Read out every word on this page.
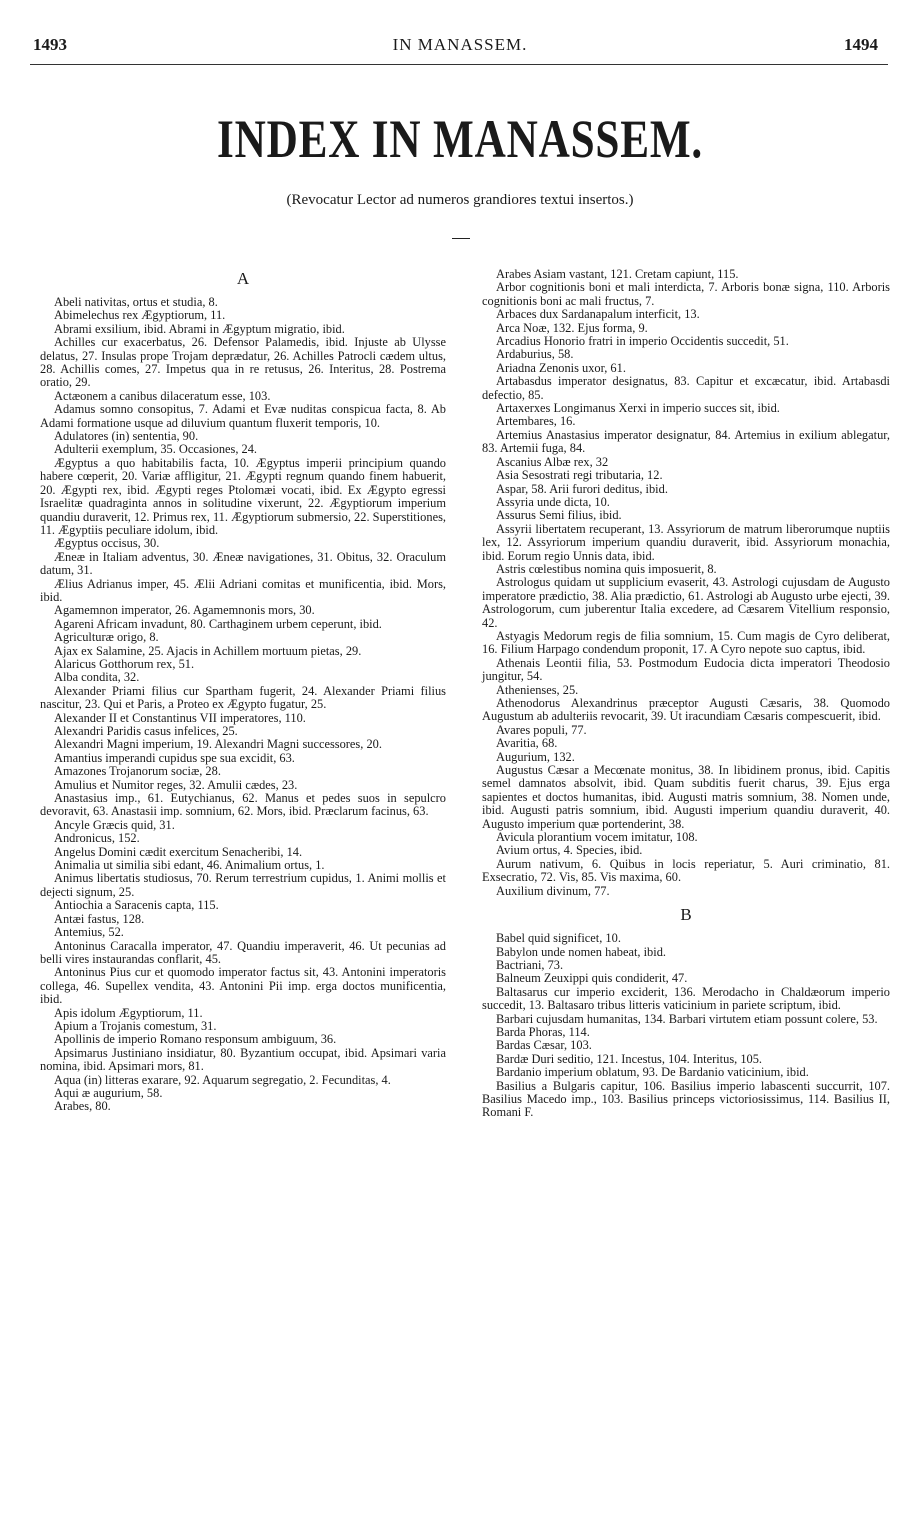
1493	IN MANASSEM.	1494
INDEX IN MANASSEM.
(Revocatur Lector ad numeros grandiores textui insertos.)
A

Abeli nativitas, ortus et studia, 8.

Abimelechus rex Ægyptiorum, 11.

Abrami exsilium, ibid. Abrami in Ægyptum migratio, ibid.

Achilles cur exacerbatus, 26. Defensor Palamedis, ibid. Injuste ab Ulysse delatus, 27. Insulas prope Trojam deprædatur, 26. Achilles Patrocli cædem ultus, 28. Achillis comes, 27. Impetus qua in re retusus, 26. Interitus, 28. Postrema oratio, 29.

Actæonem a canibus dilaceratum esse, 103.

Adamus somno consopitus, 7. Adami et Evæ nuditas conspicua facta, 8. Ab Adami formatione usque ad diluvium quantum fluxerit temporis, 10.

Adulatores (in) sententia, 90.

Adulterii exemplum, 35. Occasiones, 24.

Ægyptus a quo habitabilis facta, 10. Ægyptus imperii principium quando habere cœperit, 20. Variæ affligitur, 21. Ægypti regnum quando finem habuerit, 20. Ægypti rex, ibid. Ægypti reges Ptolomæi vocati, ibid. Ex Ægypto egressi Israelitæ quadraginta annos in solitudine vixerunt, 22. Ægyptiorum imperium quandiu duraverit, 12. Primus rex, 11. Ægyptiorum submersio, 22. Superstitiones, 11. Ægyptiis peculiare idolum, ibid.

Ægyptus occisus, 30.

Æneæ in Italiam adventus, 30. Æneæ navigationes, 31. Obitus, 32. Oraculum datum, 31.

Ælius Adrianus imper, 45. Ælii Adriani comitas et munificentia, ibid. Mors, ibid.

Agamemnon imperator, 26. Agamemnonis mors, 30.

Agareni Africam invadunt, 80. Carthaginem urbem ceperunt, ibid.

Agriculturæ origo, 8.

Ajax ex Salamine, 25. Ajacis in Achillem mortuum pietas, 29.

Alaricus Gotthorum rex, 51.

Alba condita, 32.

Alexander Priami filius cur Spartham fugerit, 24. Alexander Priami filius nascitur, 23. Qui et Paris, a Proteo ex Ægypto fugatur, 25.

Alexander II et Constantinus VII imperatores, 110.

Alexandri Paridis casus infelices, 25.

Alexandri Magni imperium, 19. Alexandri Magni successores, 20.

Amantius imperandi cupidus spe sua excidit, 63.

Amazones Trojanorum sociæ, 28.

Amulius et Numitor reges, 32. Amulii cædes, 23.

Anastasius imp., 61. Eutychianus, 62. Manus et pedes suos in sepulcro devoravit, 63. Anastasii imp. somnium, 62. Mors, ibid. Præclarum facinus, 63.

Ancyle Græcis quid, 31.

Andronicus, 152.

Angelus Domini cædit exercitum Senacheribi, 14.

Animalia ut similia sibi edant, 46. Animalium ortus, 1.

Animus libertatis studiosus, 70. Rerum terrestrium cupidus, 1. Animi mollis et dejecti signum, 25.

Antiochia a Saracenis capta, 115.

Antæi fastus, 128.

Antemius, 52.

Antoninus Caracalla imperator, 47. Quandiu imperaverit, 46. Ut pecunias ad belli vires instaurandas conflarit, 45.

Antoninus Pius cur et quomodo imperator factus sit, 43. Antonini imperatoris collega, 46. Supellex vendita, 43. Antonini Pii imp. erga doctos munificentia, ibid.

Apis idolum Ægyptiorum, 11.

Apium a Trojanis comestum, 31.

Apollinis de imperio Romano responsum ambiguum, 36.

Apsimarus Justiniano insidiatur, 80. Byzantium occupat, ibid. Apsimari varia nomina, ibid. Apsimari mors, 81.

Aqua (in) litteras exarare, 92. Aquarum segregatio, 2. Fecunditas, 4.

Aqui æ augurium, 58.

Arabes, 80.

Arabes Asiam vastant, 121. Cretam capiunt, 115.

Arbor cognitionis boni et mali interdicta, 7. Arboris bonæ signa, 110. Arboris cognitionis boni ac mali fructus, 7.

Arbaces dux Sardanapalum interficit, 13.

Arca Noæ, 132. Ejus forma, 9.

Arcadius Honorio fratri in imperio Occidentis succedit, 51.

Ardaburius, 58.

Ariadna Zenonis uxor, 61.

Artabasdus imperator designatus, 83. Capitur et excæcatur, ibid. Artabasdi defectio, 85.

Artaxerxes Longimanus Xerxi in imperio succes sit, ibid.

Artembares, 16.

Artemius Anastasius imperator designatur, 84. Artemius in exilium ablegatur, 83. Artemii fuga, 84.

Ascanius Albæ rex, 32

Asia Sesostrati regi tributaria, 12.

Aspar, 58. Arii furori deditus, ibid.

Assyria unde dicta, 10.

Assurus Semi filius, ibid.

Assyrii libertatem recuperant, 13. Assyriorum de matrum liberorumque nuptiis lex, 12. Assyriorum imperium quandiu duraverit, ibid. Assyriorum monachia, ibid. Eorum regio Unnis data, ibid.

Astris cœlestibus nomina quis imposuerit, 8.

Astrologus quidam ut supplicium evaserit, 43. Astrologi cujusdam de Augusto imperatore prædictio, 38. Alia prædictio, 61. Astrologi ab Augusto urbe ejecti, 39. Astrologorum, cum juberentur Italia excedere, ad Cæsarem Vitellium responsio, 42.

Astyagis Medorum regis de filia somnium, 15. Cum magis de Cyro deliberat, 16. Filium Harpago condendum proponit, 17. A Cyro nepote suo captus, ibid.

Athenais Leontii filia, 53. Postmodum Eudocia dicta imperatori Theodosio jungitur, 54.

Athenienses, 25.

Athenodorus Alexandrinus præceptor Augusti Cæsaris, 38. Quomodo Augustum ab adulteriis revocarit, 39. Ut iracundiam Cæsaris compescuerit, ibid.

Avares populi, 77.

Avaritia, 68.

Augurium, 132.

Augustus Cæsar a Mecœnate monitus, 38. In libidinem pronus, ibid. Capitis semel damnatos absolvit, ibid. Quam subditis fuerit charus, 39. Ejus erga sapientes et doctos humanitas, ibid. Augusti matris somnium, 38. Nomen unde, ibid. Augusti patris somnium, ibid. Augusti imperium quandiu duraverit, 40. Augusto imperium quæ portenderint, 38.

Avicula plorantium vocem imitatur, 108.

Avium ortus, 4. Species, ibid.

Aurum nativum, 6. Quibus in locis reperiatur, 5. Auri criminatio, 81. Exsecratio, 72. Vis, 85. Vis maxima, 60.

Auxilium divinum, 77.

B

Babel quid significet, 10.

Babylon unde nomen habeat, ibid.

Bactriani, 73.

Balneum Zeuxippi quis condiderit, 47.

Baltasarus cur imperio exciderit, 136. Merodacho in Chaldæorum imperio succedit, 13. Baltasaro tribus litteris vaticinium in pariete scriptum, ibid.

Barbari cujusdam humanitas, 134. Barbari virtutem etiam possunt colere, 53.

Barda Phoras, 114.

Bardas Cæsar, 103.

Bardæ Duri seditio, 121. Incestus, 104. Interitus, 105.

Bardanio imperium oblatum, 93. De Bardanio vaticinium, ibid.

Basilius a Bulgaris capitur, 106. Basilius imperio labascenti succurrit, 107. Basilius Macedo imp., 103. Basilius princeps victoriosissimus, 114. Basilius II, Romani F.
